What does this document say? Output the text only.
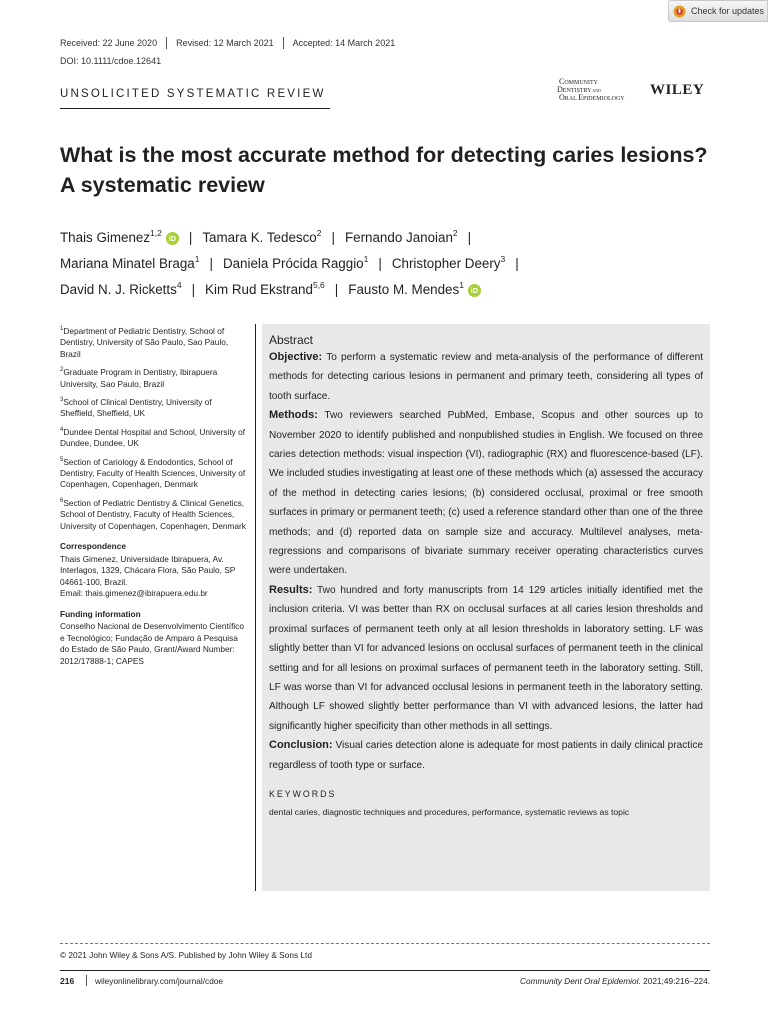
Check for updates
Received: 22 June 2020 Revised: 12 March 2021 Accepted: 14 March 2021
DOI: 10.1111/cdoe.12641
UNSOLICITED SYSTEMATIC REVIEW
COMMUNITY
DENTISTRY AND
ORAL EPIDEMIOLOGY
WILEY
What is the most accurate method for detecting caries lesions?
A systematic review
Thais Gimenez$^{1,2}$
iD | Tamara K. Tedesco$^2$ | Fernando Janoian$^2$ |
Mariana Minatel Braga$^1$ | Daniela Prócida Raggio$^1$ | Christopher Deery$^3$ |
David N. J. Ricketts$^4$ | Kim Rud Ekstrand$^{5,6}$ | Fausto M. Mendes$^1$
iD

$^1$Department of Pediatric Dentistry, School of Dentistry, University of São Paulo, Sao Paulo, Brazil

$^2$Graduate Program in Dentistry, Ibirapuera University, Sao Paulo, Brazil

$^3$School of Clinical Dentistry, University of Sheffield, Sheffield, UK

$^4$Dundee Dental Hospital and School, University of Dundee, Dundee, UK

$^5$Section of Cariology & Endodontics, School of Dentistry, Faculty of Health Sciences, University of Copenhagen, Copenhagen, Denmark

$^6$Section of Pediatric Dentistry & Clinical Genetics, School of Dentistry, Faculty of Health Sciences, University of Copenhagen, Copenhagen, Denmark

Correspondence

Thais Gimenez, Universidade Ibirapuera, Av. Interlagos, 1329, Chácara Flora, São Paulo, SP 04661-100, Brazil.

Email: thais.gimenez@ibirapuera.edu.br

Funding information

Conselho Nacional de Desenvolvimento Científico e Tecnológico; Fundação de Amparo à Pesquisa do Estado de São Paulo, Grant/Award Number: 2012/17888-1; CAPES

Abstract

Objective: To perform a systematic review and meta-analysis of the performance of different methods for detecting carious lesions in permanent and primary teeth, considering all types of tooth surface.

Methods: Two reviewers searched PubMed, Embase, Scopus and other sources up to November 2020 to identify published and nonpublished studies in English. We focused on three caries detection methods: visual inspection (VI), radiographic (RX) and fluorescence-based (LF). We included studies investigating at least one of these methods which (a) assessed the accuracy of the method in detecting caries lesions; (b) considered occlusal, proximal or free smooth surfaces in primary or permanent teeth; (c) used a reference standard other than one of the three methods; and (d) reported data on sample size and accuracy. Multilevel analyses, meta-regressions and comparisons of bivariate summary receiver operating characteristics curves were undertaken.

Results: Two hundred and forty manuscripts from 14 129 articles initially identified met the inclusion criteria. VI was better than RX on occlusal surfaces at all caries lesion thresholds and proximal surfaces of permanent teeth only at all lesion thresholds in laboratory setting. LF was slightly better than VI for advanced lesions on occlusal surfaces of permanent teeth in the clinical setting and for all lesions on proximal surfaces of permanent teeth in the laboratory setting. Still, LF was worse than VI for advanced occlusal lesions in permanent teeth in the laboratory setting. Although LF showed slightly better performance than VI with advanced lesions, the latter had significantly higher specificity than other methods in all settings.

Conclusion: Visual caries detection alone is adequate for most patients in daily clinical practice regardless of tooth type or surface.

KEYWORDS
dental caries, diagnostic techniques and procedures, performance, systematic reviews as topic
© 2021 John Wiley & Sons A/S. Published by John Wiley & Sons Ltd
216	wileyonlinelibrary.com/journal/cdoe	Community Dent Oral Epidemiol. 2021;49:216–224.
